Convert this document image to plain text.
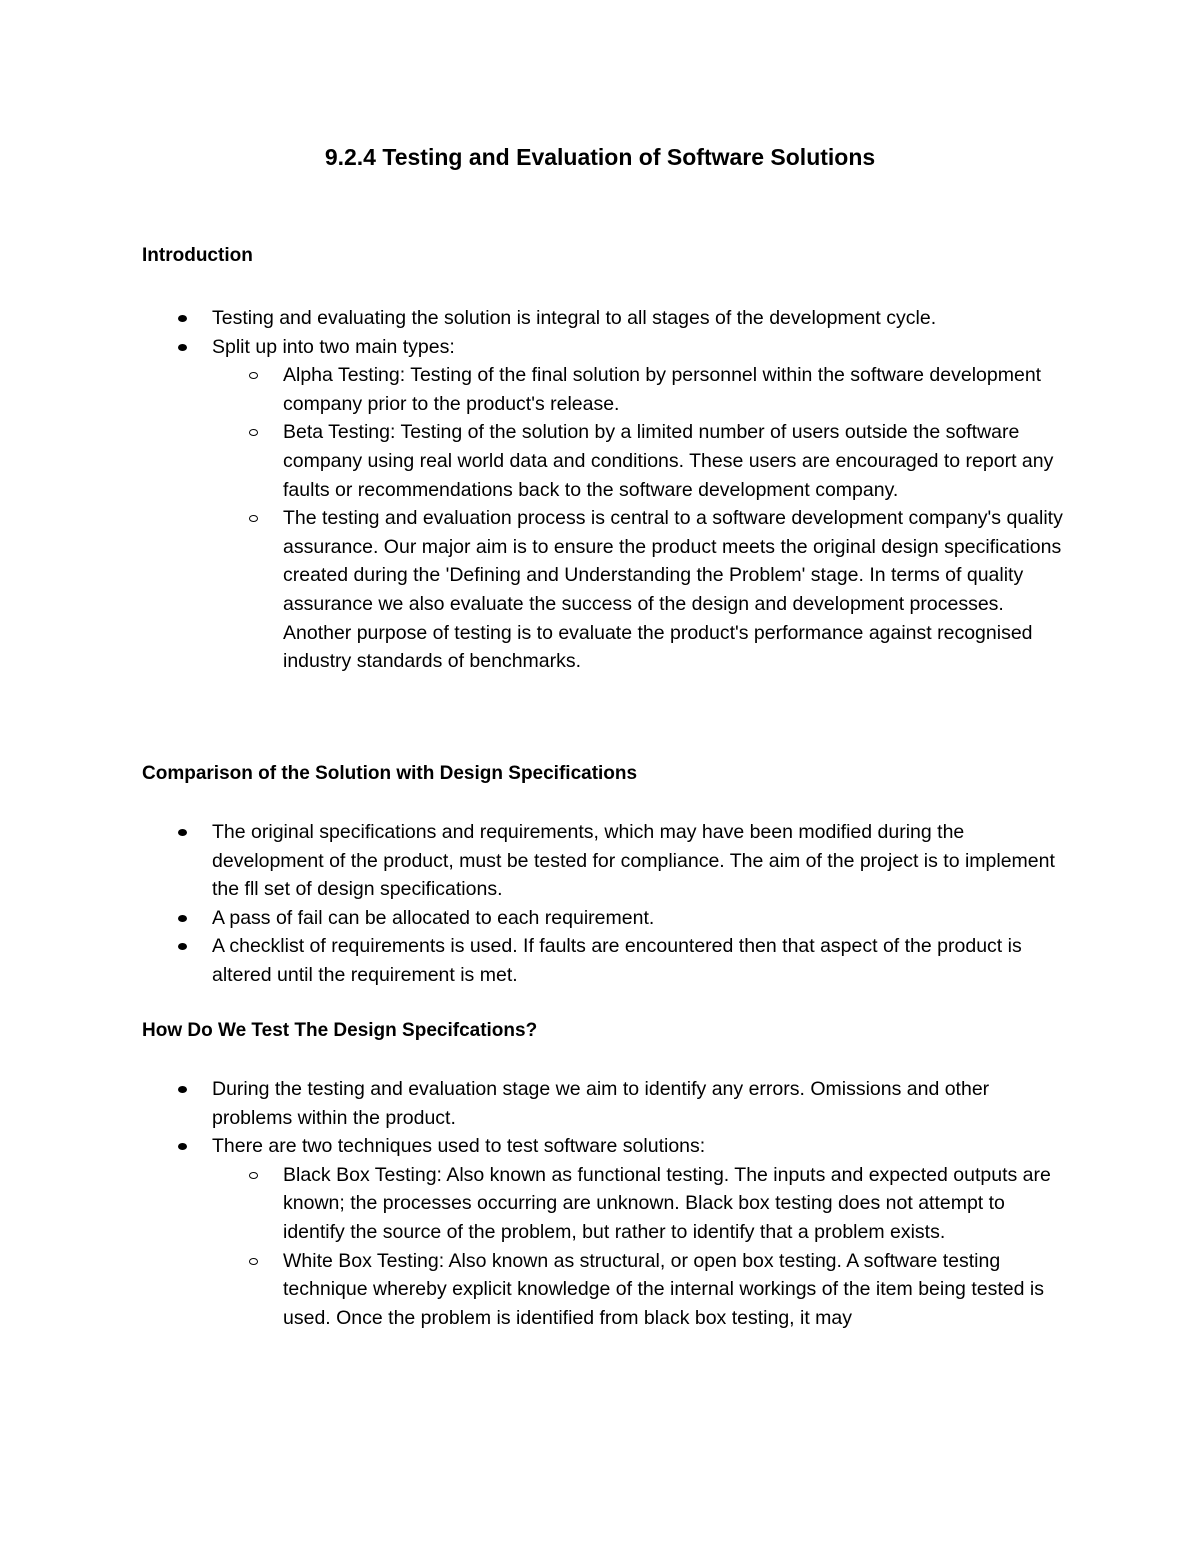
9.2.4 Testing and Evaluation of Software Solutions
Introduction
Testing and evaluating the solution is integral to all stages of the development cycle.
Split up into two main types:
Alpha Testing: Testing of the final solution by personnel within the software development company prior to the product's release.
Beta Testing: Testing of the solution by a limited number of users outside the software company using real world data and conditions. These users are encouraged to report any faults or recommendations back to the software development company.
The testing and evaluation process is central to a software development company's quality assurance. Our major aim is to ensure the product meets the original design specifications created during the 'Defining and Understanding the Problem' stage. In terms of quality assurance we also evaluate the success of the design and development processes. Another purpose of testing is to evaluate the product's performance against recognised industry standards of benchmarks.
Comparison of the Solution with Design Specifications
The original specifications and requirements, which may have been modified during the development of the product, must be tested for compliance. The aim of the project is to implement the fll set of design specifications.
A pass of fail can be allocated to each requirement.
A checklist of requirements is used. If faults are encountered then that aspect of the product is altered until the requirement is met.
How Do We Test The Design Specifcations?
During the testing and evaluation stage we aim to identify any errors. Omissions and other problems within the product.
There are two techniques used to test software solutions:
Black Box Testing: Also known as functional testing. The inputs and expected outputs are known; the processes occurring are unknown. Black box testing does not attempt to identify the source of the problem, but rather to identify that a problem exists.
White Box Testing: Also known as structural, or open box testing. A software testing technique whereby explicit knowledge of the internal workings of the item being tested is used. Once the problem is identified from black box testing, it may
